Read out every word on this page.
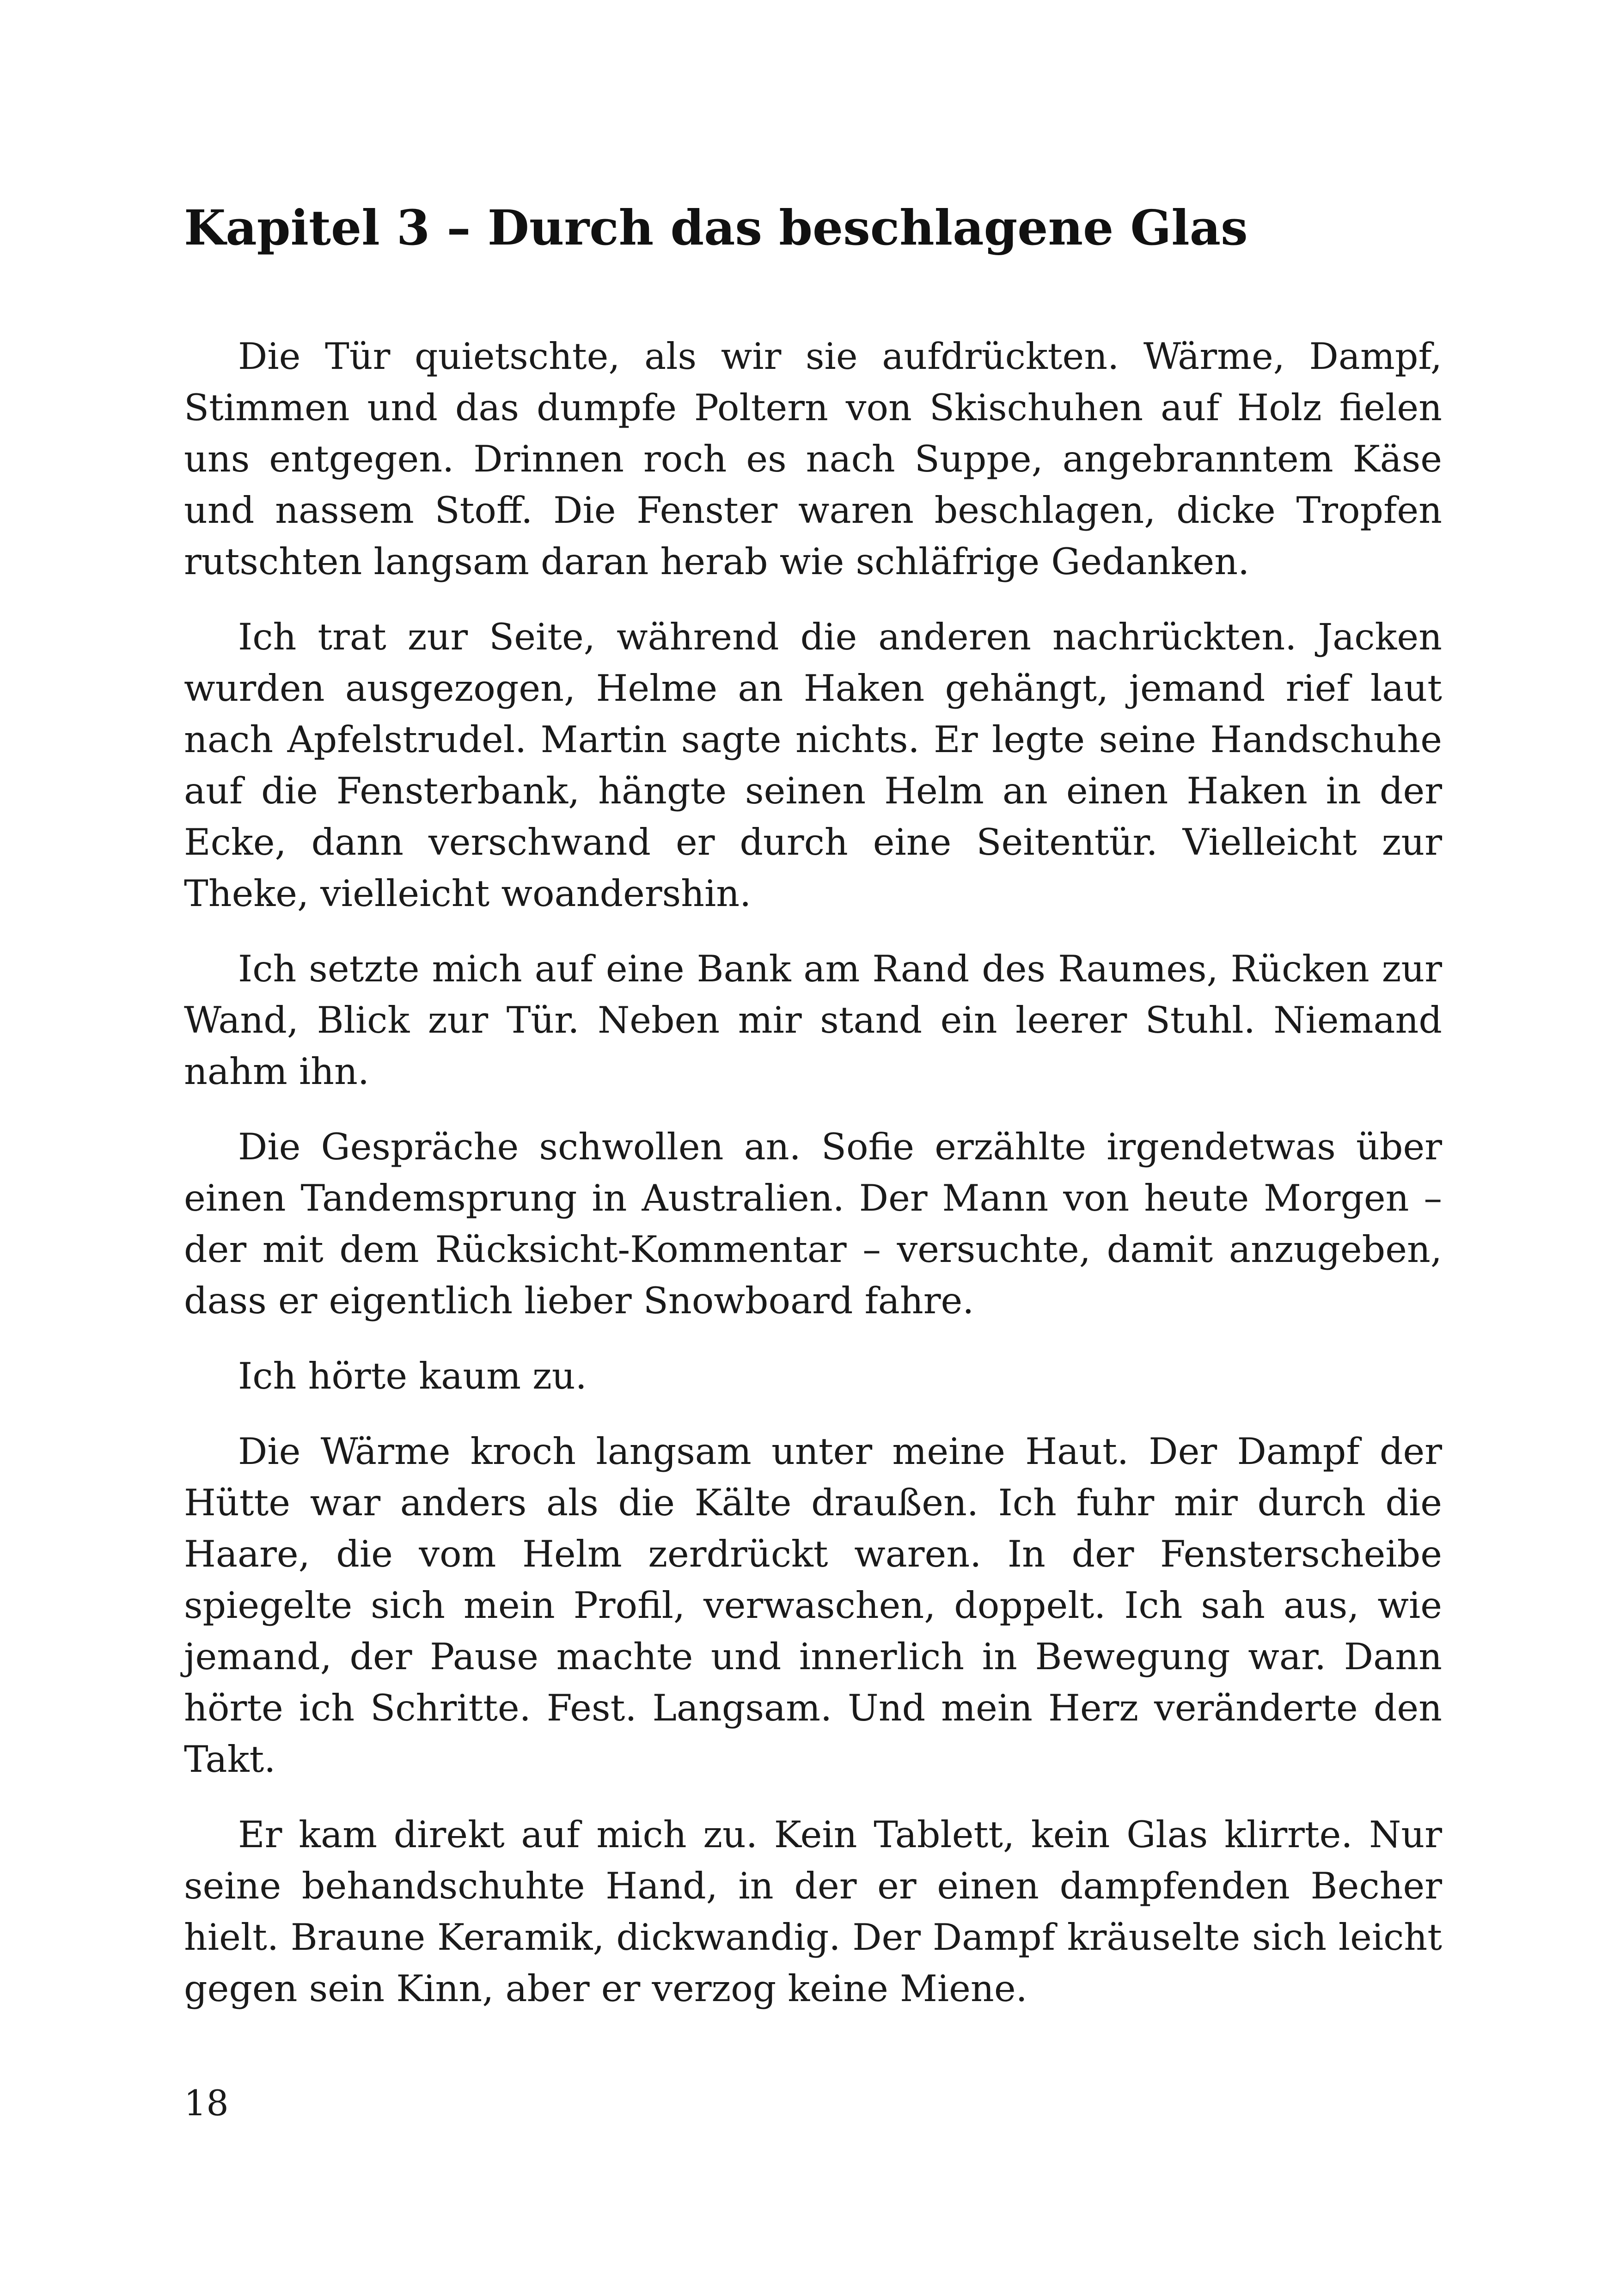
Kapitel 3 – Durch das beschlagene Glas

Die Tür quietschte, als wir sie aufdrückten. Wärme, Dampf, Stimmen und das dumpfe Poltern von Skischuhen auf Holz fielen uns entgegen. Drinnen roch es nach Suppe, angebranntem Käse und nassem Stoff. Die Fenster waren beschlagen, dicke Tropfen rutschten langsam daran herab wie schläfrige Gedanken.

Ich trat zur Seite, während die anderen nachrückten. Jacken wurden ausgezogen, Helme an Haken gehängt, jemand rief laut nach Apfelstrudel. Martin sagte nichts. Er legte seine Handschuhe auf die Fensterbank, hängte seinen Helm an einen Haken in der Ecke, dann verschwand er durch eine Seitentür. Vielleicht zur Theke, vielleicht woandershin.

Ich setzte mich auf eine Bank am Rand des Raumes, Rücken zur Wand, Blick zur Tür. Neben mir stand ein leerer Stuhl. Niemand nahm ihn.

Die Gespräche schwollen an. Sofie erzählte irgendetwas über einen Tandemsprung in Australien. Der Mann von heute Morgen – der mit dem Rücksicht-Kommentar – versuchte, damit anzugeben, dass er eigentlich lieber Snowboard fahre.

Ich hörte kaum zu.

Die Wärme kroch langsam unter meine Haut. Der Dampf der Hütte war anders als die Kälte draußen. Ich fuhr mir durch die Haare, die vom Helm zerdrückt waren. In der Fensterscheibe spiegelte sich mein Profil, verwaschen, doppelt. Ich sah aus, wie jemand, der Pause machte und innerlich in Bewegung war. Dann hörte ich Schritte. Fest. Langsam. Und mein Herz veränderte den Takt.

Er kam direkt auf mich zu. Kein Tablett, kein Glas klirrte. Nur seine behandschuhte Hand, in der er einen dampfenden Becher hielt. Braune Keramik, dickwandig. Der Dampf kräuselte sich leicht gegen sein Kinn, aber er verzog keine Miene.

18
